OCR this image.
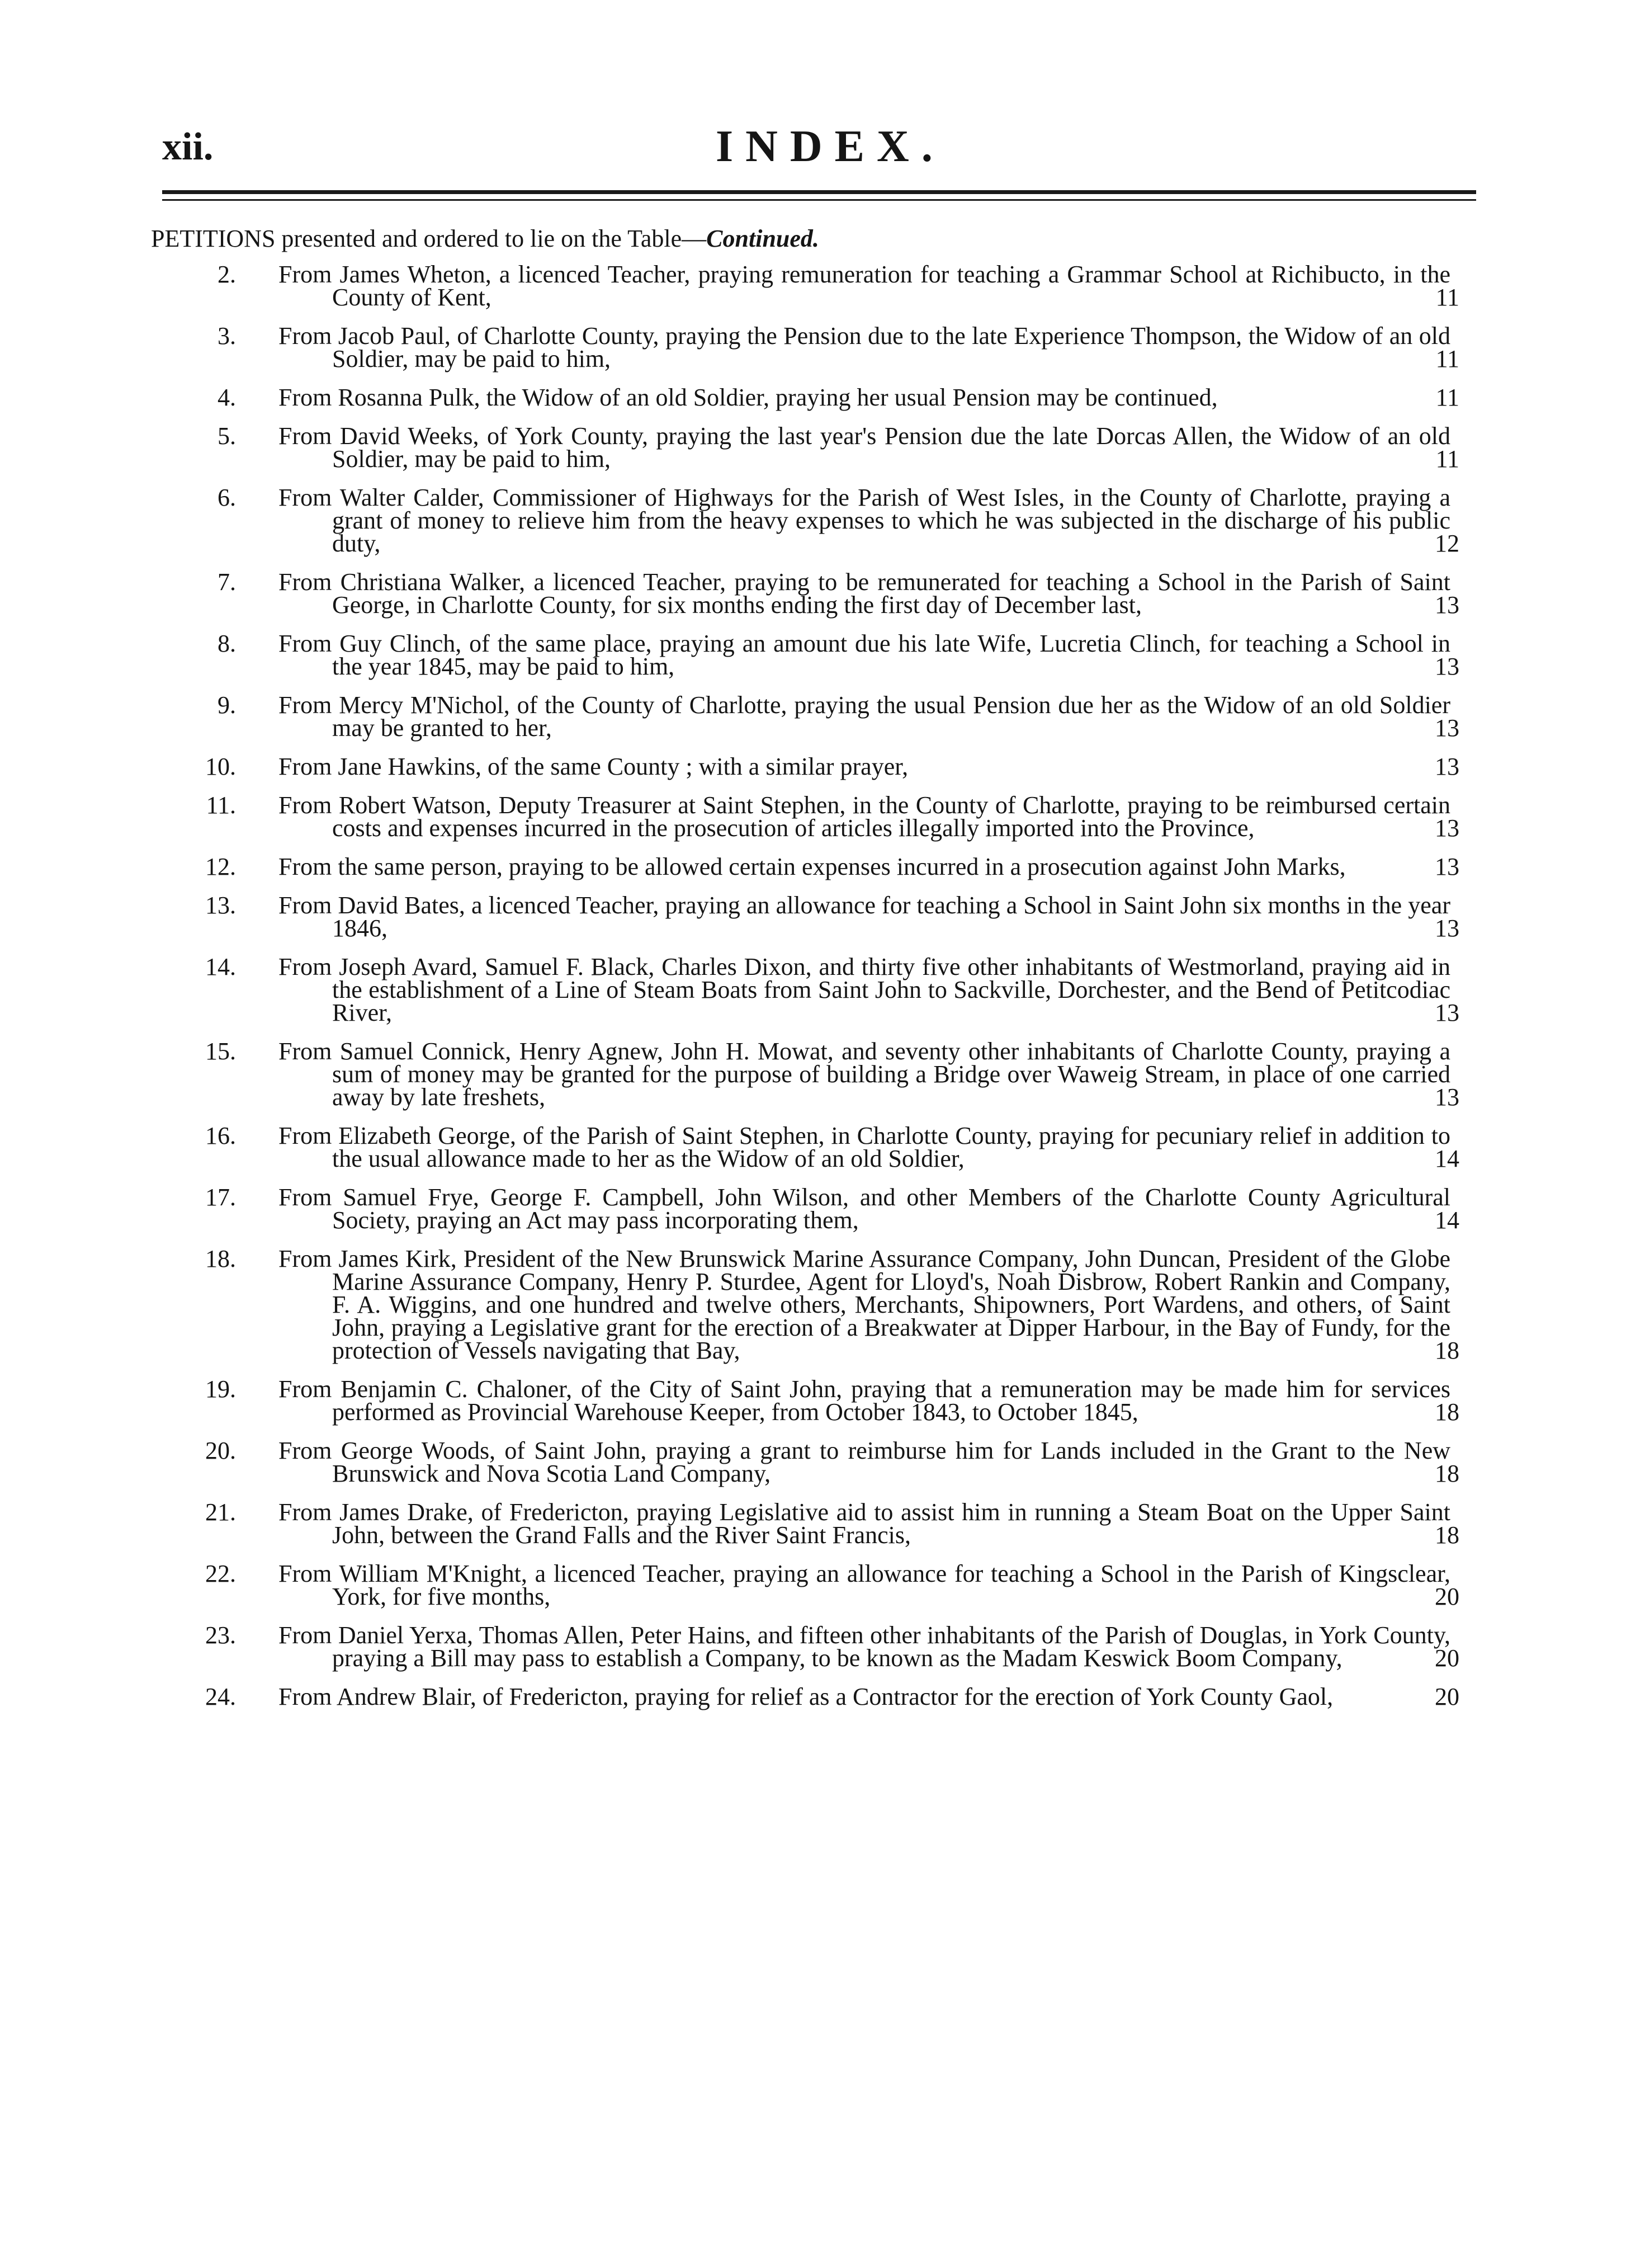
xii.	INDEX.
PETITIONS presented and ordered to lie on the Table—Continued.
2. From James Wheton, a licenced Teacher, praying remuneration for teaching a Grammar School at Richibucto, in the County of Kent,	11
3. From Jacob Paul, of Charlotte County, praying the Pension due to the late Experience Thompson, the Widow of an old Soldier, may be paid to him,	11
4. From Rosanna Pulk, the Widow of an old Soldier, praying her usual Pension may be continued,	11
5. From David Weeks, of York County, praying the last year's Pension due the late Dorcas Allen, the Widow of an old Soldier, may be paid to him,	11
6. From Walter Calder, Commissioner of Highways for the Parish of West Isles, in the County of Charlotte, praying a grant of money to relieve him from the heavy expenses to which he was subjected in the discharge of his public duty,	12
7. From Christiana Walker, a licenced Teacher, praying to be remunerated for teaching a School in the Parish of Saint George, in Charlotte County, for six months ending the first day of December last,	13
8. From Guy Clinch, of the same place, praying an amount due his late Wife, Lucretia Clinch, for teaching a School in the year 1845, may be paid to him,	13
9. From Mercy M'Nichol, of the County of Charlotte, praying the usual Pension due her as the Widow of an old Soldier may be granted to her,	13
10. From Jane Hawkins, of the same County ; with a similar prayer,	13
11. From Robert Watson, Deputy Treasurer at Saint Stephen, in the County of Charlotte, praying to be reimbursed certain costs and expenses incurred in the prosecution of articles illegally imported into the Province,	13
12. From the same person, praying to be allowed certain expenses incurred in a prosecution against John Marks,	13
13. From David Bates, a licenced Teacher, praying an allowance for teaching a School in Saint John six months in the year 1846,	13
14. From Joseph Avard, Samuel F. Black, Charles Dixon, and thirty five other inhabitants of Westmorland, praying aid in the establishment of a Line of Steam Boats from Saint John to Sackville, Dorchester, and the Bend of Petitcodiac River,	13
15. From Samuel Connick, Henry Agnew, John H. Mowat, and seventy other inhabitants of Charlotte County, praying a sum of money may be granted for the purpose of building a Bridge over Waweig Stream, in place of one carried away by late freshets,	13
16. From Elizabeth George, of the Parish of Saint Stephen, in Charlotte County, praying for pecuniary relief in addition to the usual allowance made to her as the Widow of an old Soldier,	14
17. From Samuel Frye, George F. Campbell, John Wilson, and other Members of the Charlotte County Agricultural Society, praying an Act may pass incorporating them,	14
18. From James Kirk, President of the New Brunswick Marine Assurance Company, John Duncan, President of the Globe Marine Assurance Company, Henry P. Sturdee, Agent for Lloyd's, Noah Disbrow, Robert Rankin and Company, F. A. Wiggins, and one hundred and twelve others, Merchants, Shipowners, Port Wardens, and others, of Saint John, praying a Legislative grant for the erection of a Breakwater at Dipper Harbour, in the Bay of Fundy, for the protection of Vessels navigating that Bay,	18
19. From Benjamin C. Chaloner, of the City of Saint John, praying that a remuneration may be made him for services performed as Provincial Warehouse Keeper, from October 1843, to October 1845,	18
20. From George Woods, of Saint John, praying a grant to reimburse him for Lands included in the Grant to the New Brunswick and Nova Scotia Land Company,	18
21. From James Drake, of Fredericton, praying Legislative aid to assist him in running a Steam Boat on the Upper Saint John, between the Grand Falls and the River Saint Francis,	18
22. From William M'Knight, a licenced Teacher, praying an allowance for teaching a School in the Parish of Kingsclear, York, for five months,	20
23. From Daniel Yerxa, Thomas Allen, Peter Hains, and fifteen other inhabitants of the Parish of Douglas, in York County, praying a Bill may pass to establish a Company, to be known as the Madam Keswick Boom Company,	20
24. From Andrew Blair, of Fredericton, praying for relief as a Contractor for the erection of York County Gaol,	20
